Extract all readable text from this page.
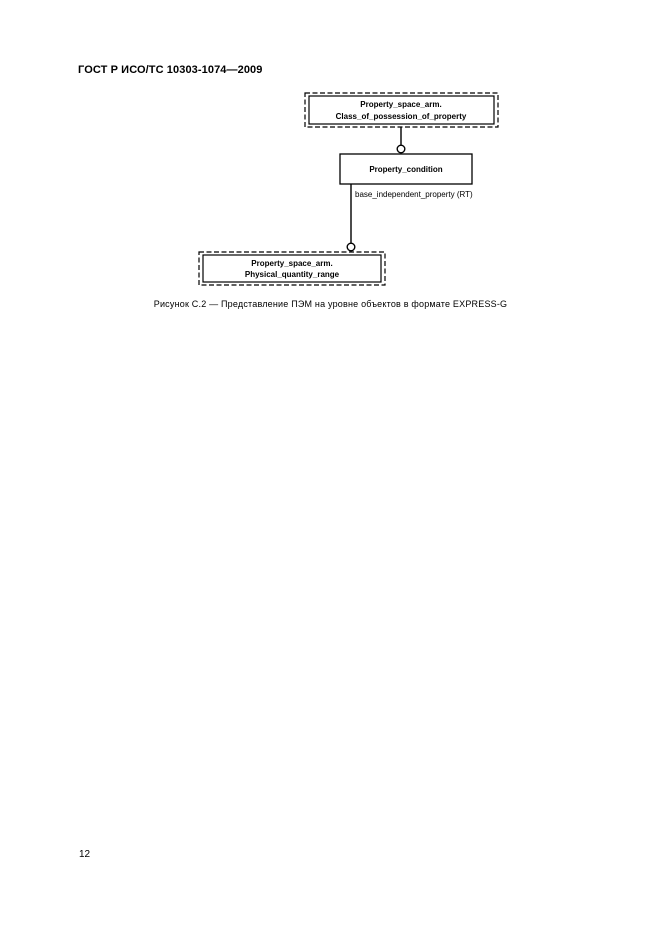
ГОСТ Р ИСО/ТС 10303-1074—2009
Property_space_arm.
Class_of_possession_of_property
Property_condition
base_independent_property (RT)
Property_space_arm.
Physical_quantity_range
Рисунок C.2 — Представление ПЭМ на уровне объектов в формате EXPRESS-G
12
